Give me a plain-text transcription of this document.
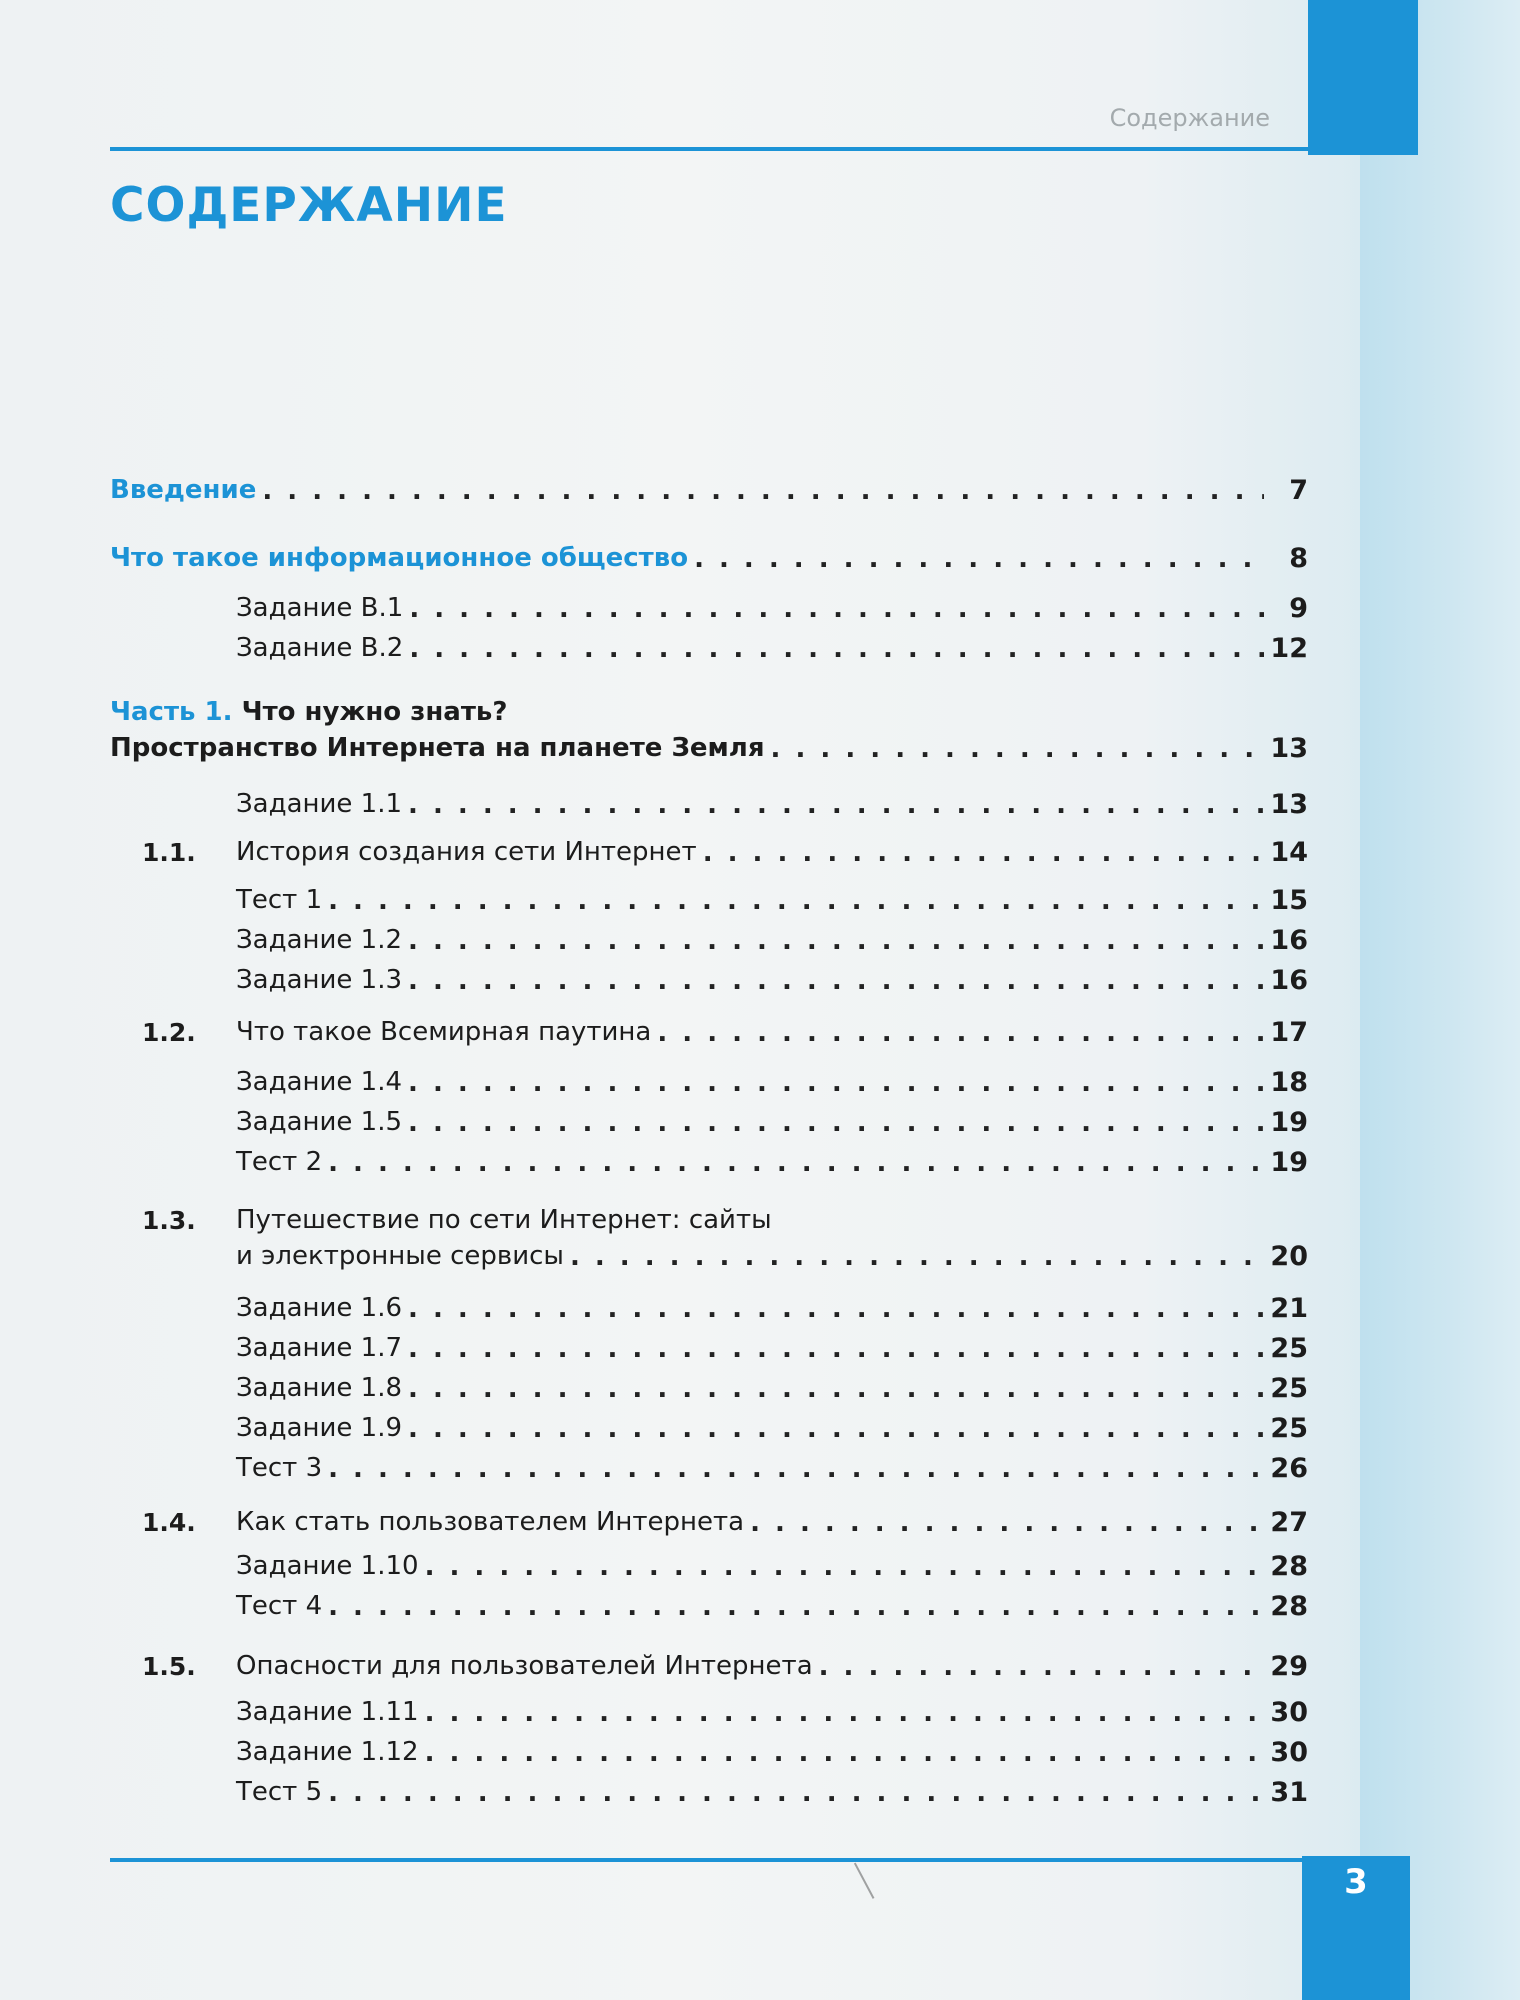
Содержание
СОДЕРЖАНИЕ
Введение . . .	7
Что такое информационное общество . . .	8
Задание В.1 . . .	9
Задание В.2 . . .	12
Часть 1. Что нужно знать?
Пространство Интернета на планете Земля . . .	13
Задание 1.1 . . .	13
1.1.	История создания сети Интернет . . .	14
Тест 1 . . .	15
Задание 1.2 . . .	16
Задание 1.3 . . .	16
1.2.	Что такое Всемирная паутина . . .	17
Задание 1.4 . . .	18
Задание 1.5 . . .	19
Тест 2 . . .	19
1.3.	Путешествие по сети Интернет: сайты
и электронные сервисы . . .	20
Задание 1.6 . . .	21
Задание 1.7 . . .	25
Задание 1.8 . . .	25
Задание 1.9 . . .	25
Тест 3 . . .	26
1.4.	Как стать пользователем Интернета . . .	27
Задание 1.10 . . .	28
Тест 4 . . .	28
1.5.	Опасности для пользователей Интернета . . .	29
Задание 1.11 . . .	30
Задание 1.12 . . .	30
Тест 5 . . .	31
3
